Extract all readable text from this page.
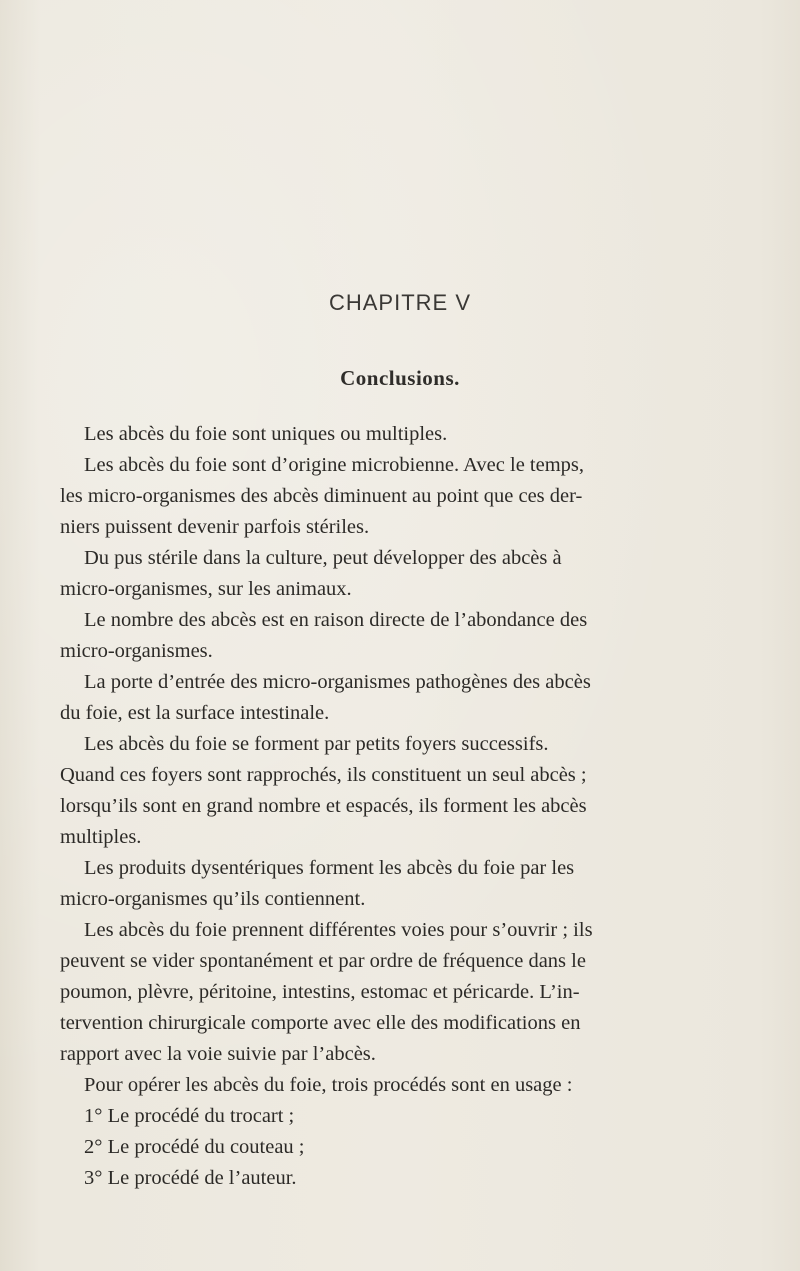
CHAPITRE V
Conclusions.
Les abcès du foie sont uniques ou multiples.
Les abcès du foie sont d’origine microbienne. Avec le temps,
les micro-organismes des abcès diminuent au point que ces der-
niers puissent devenir parfois stériles.
Du pus stérile dans la culture, peut développer des abcès à
micro-organismes, sur les animaux.
Le nombre des abcès est en raison directe de l’abondance des
micro-organismes.
La porte d’entrée des micro-organismes pathogènes des abcès
du foie, est la surface intestinale.
Les abcès du foie se forment par petits foyers successifs.
Quand ces foyers sont rapprochés, ils constituent un seul abcès ;
lorsqu’ils sont en grand nombre et espacés, ils forment les abcès
multiples.
Les produits dysentériques forment les abcès du foie par les
micro-organismes qu’ils contiennent.
Les abcès du foie prennent différentes voies pour s’ouvrir ; ils
peuvent se vider spontanément et par ordre de fréquence dans le
poumon, plèvre, péritoine, intestins, estomac et péricarde. L’in-
tervention chirurgicale comporte avec elle des modifications en
rapport avec la voie suivie par l’abcès.
Pour opérer les abcès du foie, trois procédés sont en usage :
1° Le procédé du trocart ;
2° Le procédé du couteau ;
3° Le procédé de l’auteur.
